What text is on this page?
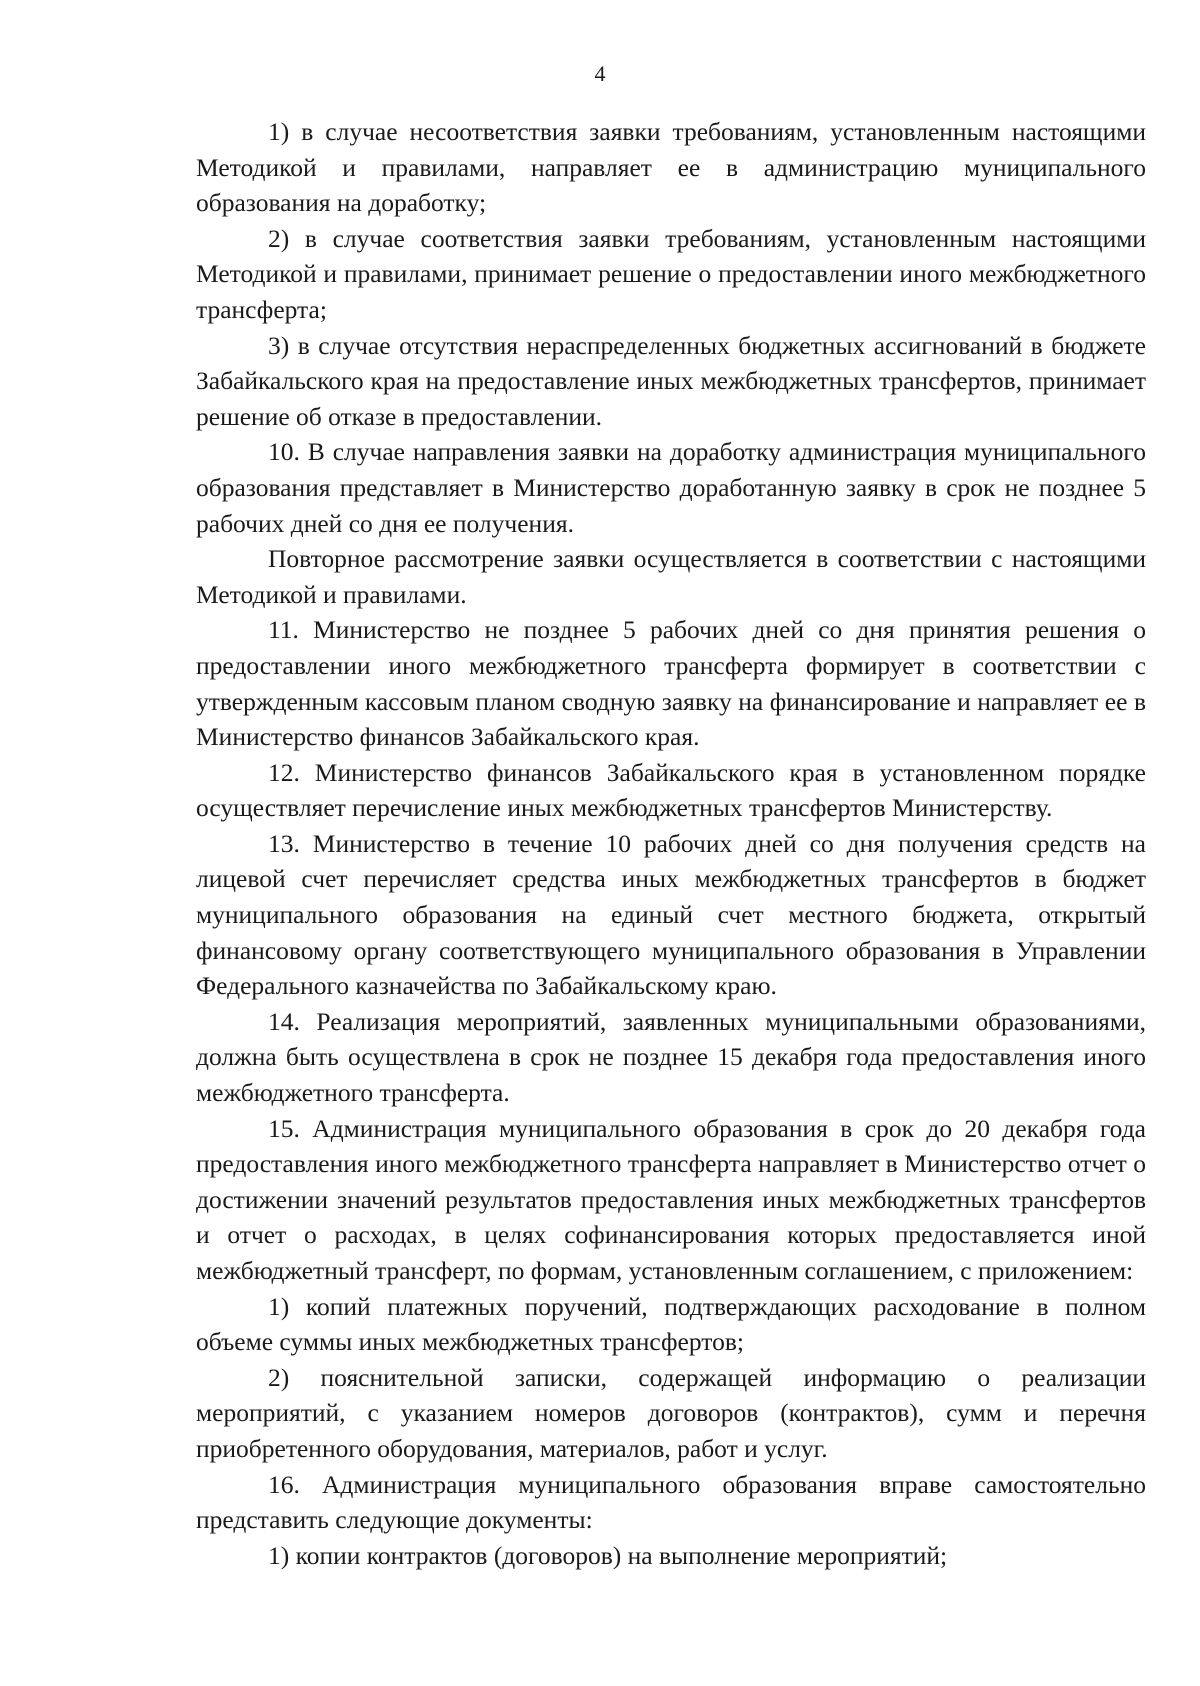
4

1) в случае несоответствия заявки требованиям, установленным настоящими Методикой и правилами, направляет ее в администрацию муниципального образования на доработку;

2) в случае соответствия заявки требованиям, установленным настоящими Методикой и правилами, принимает решение о предоставлении иного межбюджетного трансферта;

3) в случае отсутствия нераспределенных бюджетных ассигнований в бюджете Забайкальского края на предоставление иных межбюджетных трансфертов, принимает решение об отказе в предоставлении.

10. В случае направления заявки на доработку администрация муниципального образования представляет в Министерство доработанную заявку в срок не позднее 5 рабочих дней со дня ее получения.

Повторное рассмотрение заявки осуществляется в соответствии с настоящими Методикой и правилами.

11. Министерство не позднее 5 рабочих дней со дня принятия решения о предоставлении иного межбюджетного трансферта формирует в соответствии с утвержденным кассовым планом сводную заявку на финансирование и направляет ее в Министерство финансов Забайкальского края.

12. Министерство финансов Забайкальского края в установленном порядке осуществляет перечисление иных межбюджетных трансфертов Министерству.

13. Министерство в течение 10 рабочих дней со дня получения средств на лицевой счет перечисляет средства иных межбюджетных трансфертов в бюджет муниципального образования на единый счет местного бюджета, открытый финансовому органу соответствующего муниципального образования в Управлении Федерального казначейства по Забайкальскому краю.

14. Реализация мероприятий, заявленных муниципальными образованиями, должна быть осуществлена в срок не позднее 15 декабря года предоставления иного межбюджетного трансферта.

15. Администрация муниципального образования в срок до 20 декабря года предоставления иного межбюджетного трансферта направляет в Министерство отчет о достижении значений результатов предоставления иных межбюджетных трансфертов и отчет о расходах, в целях софинансирования которых предоставляется иной межбюджетный трансферт, по формам, установленным соглашением, с приложением:

1) копий платежных поручений, подтверждающих расходование в полном объеме суммы иных межбюджетных трансфертов;

2) пояснительной записки, содержащей информацию о реализации мероприятий, с указанием номеров договоров (контрактов), сумм и перечня приобретенного оборудования, материалов, работ и услуг.

16. Администрация муниципального образования вправе самостоятельно представить следующие документы:

1) копии контрактов (договоров) на выполнение мероприятий;
